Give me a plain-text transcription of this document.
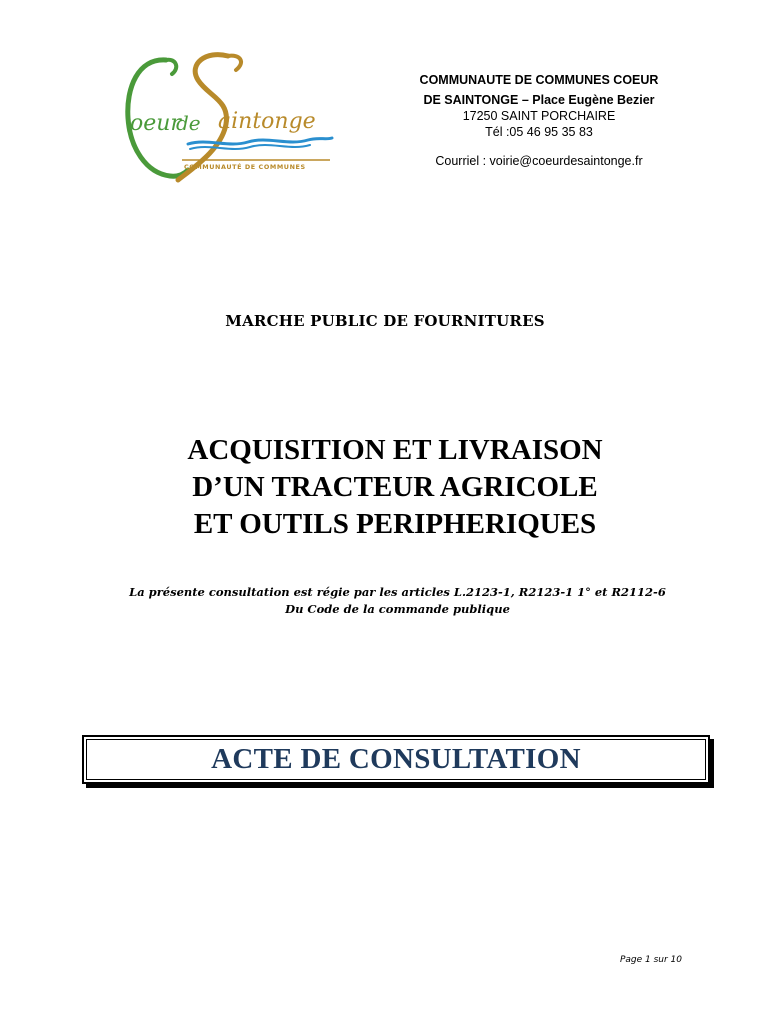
oeur
de aintonge
COMMUNAUTÉ DE COMMUNES
COMMUNAUTE DE COMMUNES COEUR
DE SAINTONGE – Place Eugène Bezier
17250 SAINT PORCHAIRE
Tél :05 46 95 35 83
Courriel : voirie@coeurdesaintonge.fr
MARCHE PUBLIC DE FOURNITURES
ACQUISITION ET LIVRAISON
D’UN TRACTEUR AGRICOLE
ET OUTILS PERIPHERIQUES
La présente consultation est régie par les articles L.2123-1, R2123-1 1° et R2112-6
Du Code de la commande publique
ACTE DE CONSULTATION
Page 1 sur 10
